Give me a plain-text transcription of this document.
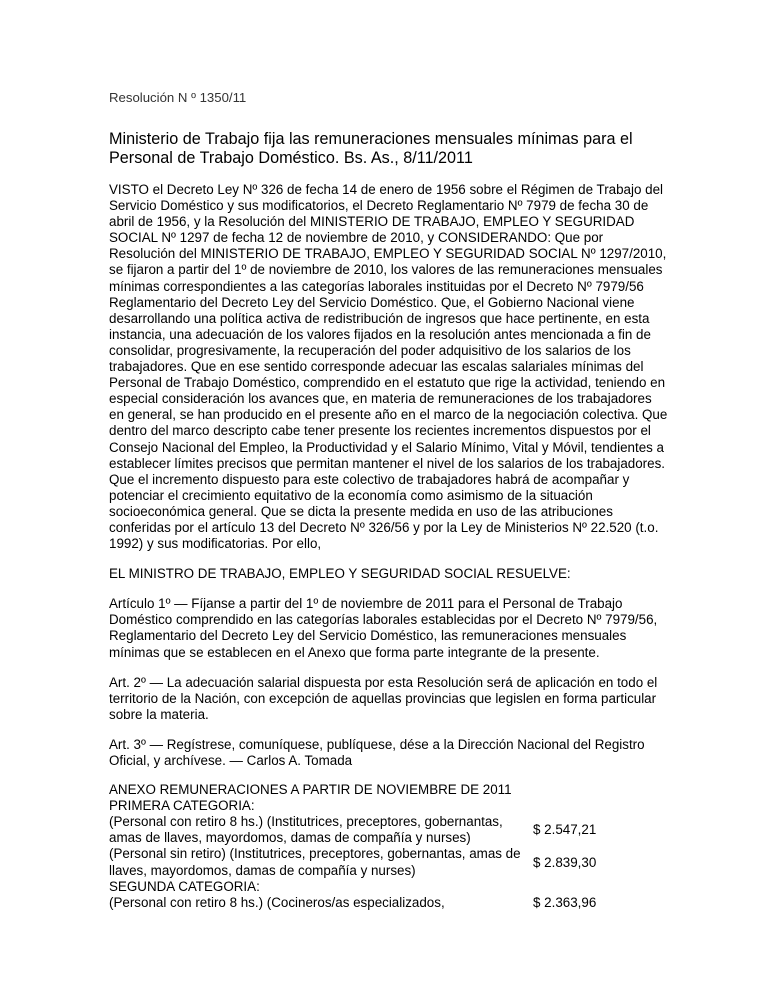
Resolución N º 1350/11

Ministerio de Trabajo fija las remuneraciones mensuales mínimas para el Personal de Trabajo Doméstico. Bs. As., 8/11/2011

VISTO el Decreto Ley Nº 326 de fecha 14 de enero de 1956 sobre el Régimen de Trabajo del Servicio Doméstico y sus modificatorios, el Decreto Reglamentario Nº 7979 de fecha 30 de abril de 1956, y la Resolución del MINISTERIO DE TRABAJO, EMPLEO Y SEGURIDAD SOCIAL Nº 1297 de fecha 12 de noviembre de 2010, y CONSIDERANDO: Que por Resolución del MINISTERIO DE TRABAJO, EMPLEO Y SEGURIDAD SOCIAL Nº 1297/2010, se fijaron a partir del 1º de noviembre de 2010, los valores de las remuneraciones mensuales mínimas correspondientes a las categorías laborales instituidas por el Decreto Nº 7979/56 Reglamentario del Decreto Ley del Servicio Doméstico. Que, el Gobierno Nacional viene desarrollando una política activa de redistribución de ingresos que hace pertinente, en esta instancia, una adecuación de los valores fijados en la resolución antes mencionada a fin de consolidar, progresivamente, la recuperación del poder adquisitivo de los salarios de los trabajadores. Que en ese sentido corresponde adecuar las escalas salariales mínimas del Personal de Trabajo Doméstico, comprendido en el estatuto que rige la actividad, teniendo en especial consideración los avances que, en materia de remuneraciones de los trabajadores en general, se han producido en el presente año en el marco de la negociación colectiva. Que dentro del marco descripto cabe tener presente los recientes incrementos dispuestos por el Consejo Nacional del Empleo, la Productividad y el Salario Mínimo, Vital y Móvil, tendientes a establecer límites precisos que permitan mantener el nivel de los salarios de los trabajadores. Que el incremento dispuesto para este colectivo de trabajadores habrá de acompañar y potenciar el crecimiento equitativo de la economía como asimismo de la situación socioeconómica general. Que se dicta la presente medida en uso de las atribuciones conferidas por el artículo 13 del Decreto Nº 326/56 y por la Ley de Ministerios Nº 22.520 (t.o. 1992) y sus modificatorias. Por ello,

EL MINISTRO DE TRABAJO, EMPLEO Y SEGURIDAD SOCIAL RESUELVE:

Artículo 1º — Fíjanse a partir del 1º de noviembre de 2011 para el Personal de Trabajo Doméstico comprendido en las categorías laborales establecidas por el Decreto Nº 7979/56, Reglamentario del Decreto Ley del Servicio Doméstico, las remuneraciones mensuales mínimas que se establecen en el Anexo que forma parte integrante de la presente.

Art. 2º — La adecuación salarial dispuesta por esta Resolución será de aplicación en todo el territorio de la Nación, con excepción de aquellas provincias que legislen en forma particular sobre la materia.

Art. 3º — Regístrese, comuníquese, publíquese, dése a la Dirección Nacional del Registro Oficial, y archívese. — Carlos A. Tomada

ANEXO REMUNERACIONES A PARTIR DE NOVIEMBRE DE 2011

PRIMERA CATEGORIA:

(Personal con retiro 8 hs.) (Institutrices, preceptores, gobernantas, amas de llaves, mayordomos, damas de compañía y nurses)
$ 2.547,21
(Personal sin retiro) (Institutrices, preceptores, gobernantas, amas de llaves, mayordomos, damas de compañía y nurses)
$ 2.839,30

SEGUNDA CATEGORIA:

(Personal con retiro 8 hs.) (Cocineros/as especializados,	$ 2.363,96
